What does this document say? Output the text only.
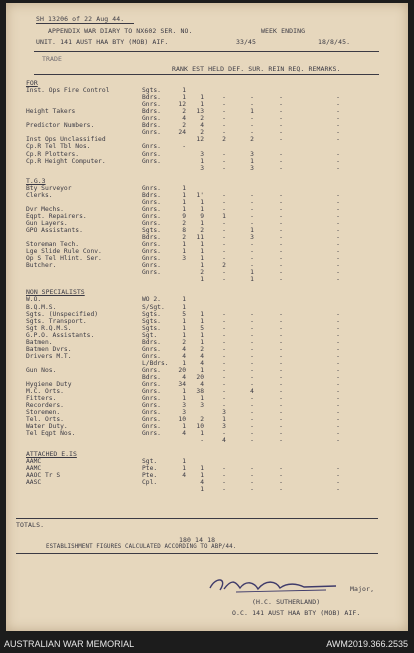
SH 13206 of 22 Aug 44.
APPENDIX WAR DIARY TO NX602 SER. NO.	WEEK ENDING
UNIT. 141 AUST HAA BTY (MOB) AIF.	33/45	18/8/45.
TRADE
RANK EST HELD DEF. SUR. REIN REQ. REMARKS.
FOR
Inst. Ops Fire Control	Sgts.	1
Bdrs.	1	1	-	-	-	-
Gnrs.	12	1	-	-	-	-
Height Takers	Bdrs.	2	13	-	1	-	-
Gnrs.	4	2	-	-	-	-
Predictor Numbers.	Bdrs.	2	4	-	-	-	-
Gnrs.	24	2	-	-	-	-
Inst Ops Unclassified	12	2	2	-	-
Cp.R Tel Tbl Nos.	Gnrs.	-
Cp.R Plotters.	Gnrs.	3	-	3	-	-
Cp.R Height Computer.	Gnrs.	1	-	1	-	-
3	-	3	-	-
T.G.3
Bty Surveyor	Gnrs.	1
Clerks.	Bdrs.	1	1'	-	-	-	-
Gnrs.	1	1	-	-	-	-
Dvr Mechs.	Gnrs.	1	1	-	-	-	-
Eqpt. Repairers.	Gnrs.	9	9	1	-	-	-
Gun Layers.	Gnrs.	2	1	-	-	-	-
GPO Assistants.	Sgts.	8	2	-	1	-	-
Bdrs.	2	11	-	3	-	-
Storeman Tech.	Gnrs.	1	1	-	-	-	-
Lge Slide Rule Conv.	Gnrs.	1	1	-	-	-	-
Op S Tel Hlint. Ser.	Gnrs.	3	1	-	-	-	-
Butcher.	Gnrs.	1	2	-	-	-
Gnrs.	2	-	1	-	-
1	-	1	-	-
NON SPECIALISTS
W.O.	WO 2.	1
B.Q.M.S.	S/Sgt.	1
Sgts. (Unspecified)	Sgts.	5	1	-	-	-	-
Sgts. Transport.	Sgts.	1	1	-	-	-	-
Sgt R.Q.M.S.	Sgts.	1	5	-	-	-	-
G.P.O. Assistants.	Sgt.	1	1	-	-	-	-
Batmen.	Bdrs.	2	1	-	-	-	-
Batmen Dvrs.	Gnrs.	4	2	-	-	-	-
Drivers M.T.	Gnrs.	4	4	-	-	-	-
L/Bdrs.	1	4	-	-	-	-
Gun Nos.	Gnrs.	20	1	-	-	-	-
Bdrs.	4	20	-	-	-	-
Hygiene Duty	Gnrs.	34	4	-	-	-	-
M.C. Orts.	Gnrs.	1	38	-	4	-	-
Fitters.	Gnrs.	1	1	-	-	-	-
Recorders.	Gnrs.	3	3	-	-	-	-
Storemen.	Gnrs.	3	3	-	-	-
Tel. Orts.	Gnrs.	10	2	1	-	-	-
Water Duty.	Gnrs.	1	10	3	-	-	-
Tel Eqpt Nos.	Gnrs.	4	1	-	-	-	-
-	4	-	-	-
ATTACHED E.IS
AAMC	Sgt.	1
AAMC	Pte.	1	1	-	-	-	-
AAOC Tr S	Pte.	4	1	-	-	-	-
AASC	Cpl.	4	-	-	-	-
1	-	-	-	-
TOTALS.
180 14 18
ESTABLISHMENT FIGURES CALCULATED ACCORDING TO ABP/44.
Major,
(H.C. SUTHERLAND)
O.C. 141 AUST HAA BTY (MOB) AIF.
AUSTRALIAN WAR MEMORIAL	AWM2019.366.2535
